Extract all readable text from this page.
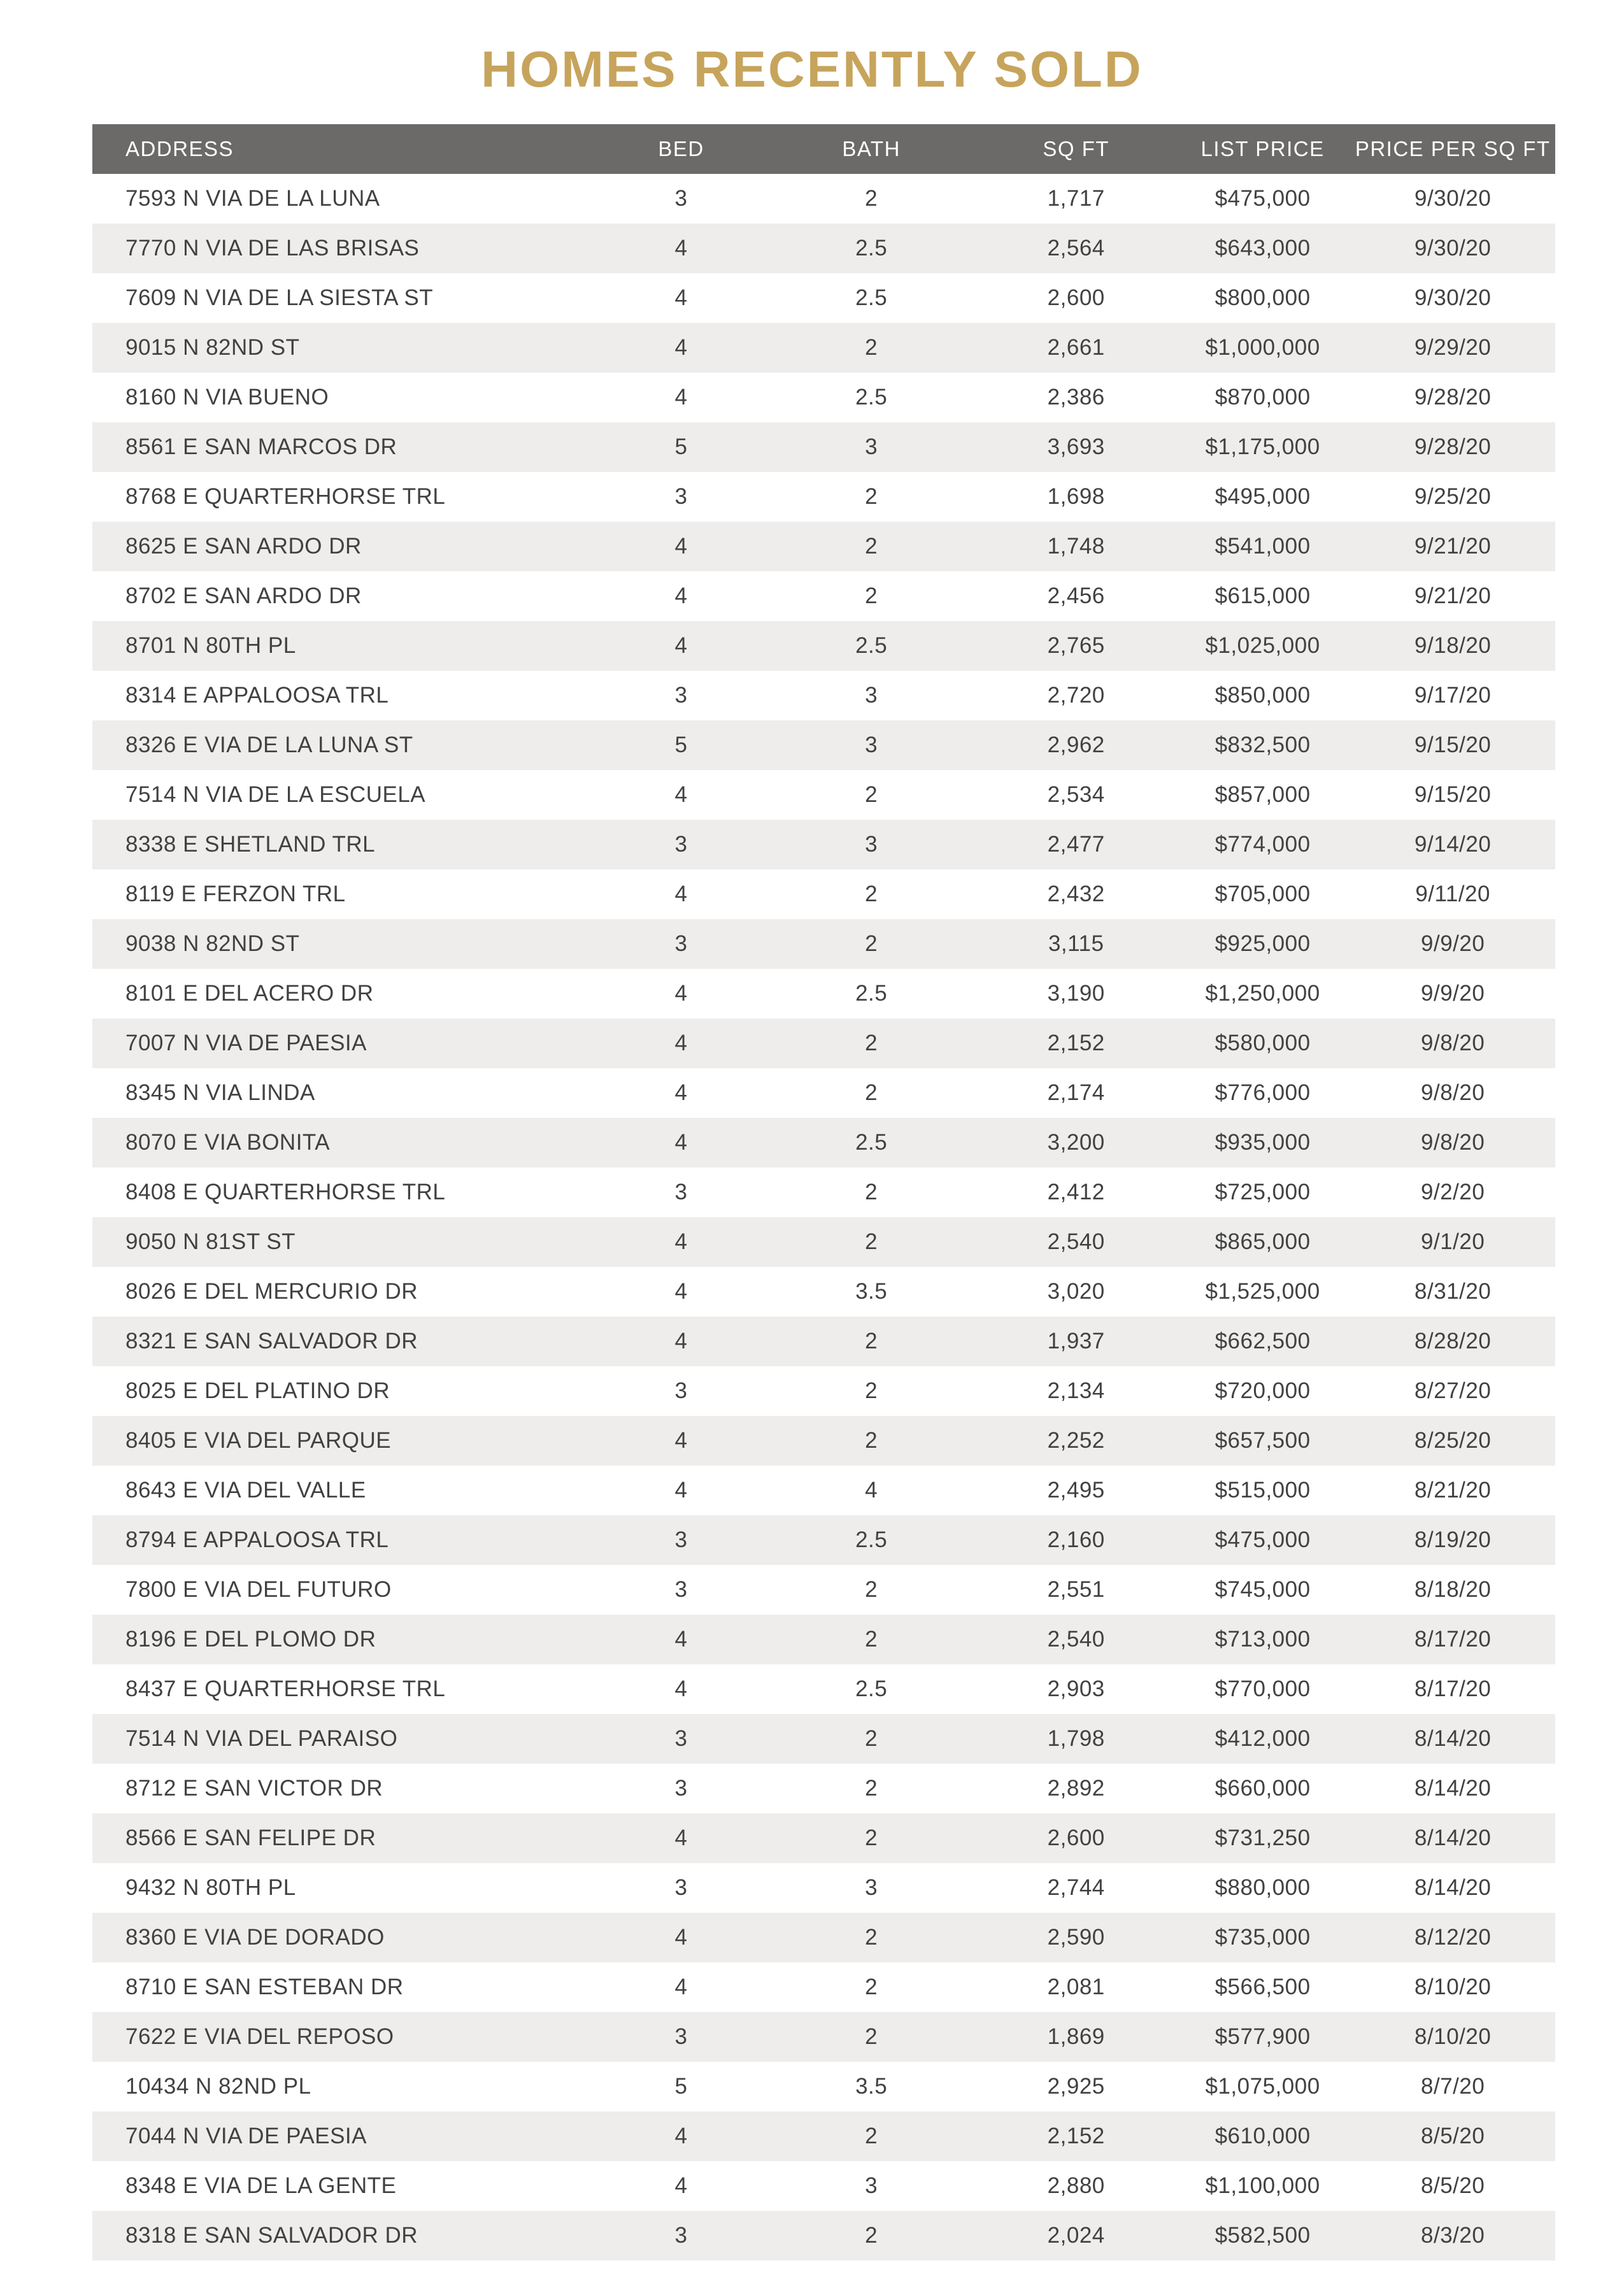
HOMES RECENTLY SOLD
ADDRESS	BED	BATH	SQ FT	LIST PRICE	PRICE PER SQ FT
7593 N VIA DE LA LUNA	3	2	1,717	$475,000	9/30/20
7770 N VIA DE LAS BRISAS	4	2.5	2,564	$643,000	9/30/20
7609 N VIA DE LA SIESTA ST	4	2.5	2,600	$800,000	9/30/20
9015 N 82ND ST	4	2	2,661	$1,000,000	9/29/20
8160 N VIA BUENO	4	2.5	2,386	$870,000	9/28/20
8561 E SAN MARCOS DR	5	3	3,693	$1,175,000	9/28/20
8768 E QUARTERHORSE TRL	3	2	1,698	$495,000	9/25/20
8625 E SAN ARDO DR	4	2	1,748	$541,000	9/21/20
8702 E SAN ARDO DR	4	2	2,456	$615,000	9/21/20
8701 N 80TH PL	4	2.5	2,765	$1,025,000	9/18/20
8314 E APPALOOSA TRL	3	3	2,720	$850,000	9/17/20
8326 E VIA DE LA LUNA ST	5	3	2,962	$832,500	9/15/20
7514 N VIA DE LA ESCUELA	4	2	2,534	$857,000	9/15/20
8338 E SHETLAND TRL	3	3	2,477	$774,000	9/14/20
8119 E FERZON TRL	4	2	2,432	$705,000	9/11/20
9038 N 82ND ST	3	2	3,115	$925,000	9/9/20
8101 E DEL ACERO DR	4	2.5	3,190	$1,250,000	9/9/20
7007 N VIA DE PAESIA	4	2	2,152	$580,000	9/8/20
8345 N VIA LINDA	4	2	2,174	$776,000	9/8/20
8070 E VIA BONITA	4	2.5	3,200	$935,000	9/8/20
8408 E QUARTERHORSE TRL	3	2	2,412	$725,000	9/2/20
9050 N 81ST ST	4	2	2,540	$865,000	9/1/20
8026 E DEL MERCURIO DR	4	3.5	3,020	$1,525,000	8/31/20
8321 E SAN SALVADOR DR	4	2	1,937	$662,500	8/28/20
8025 E DEL PLATINO DR	3	2	2,134	$720,000	8/27/20
8405 E VIA DEL PARQUE	4	2	2,252	$657,500	8/25/20
8643 E VIA DEL VALLE	4	4	2,495	$515,000	8/21/20
8794 E APPALOOSA TRL	3	2.5	2,160	$475,000	8/19/20
7800 E VIA DEL FUTURO	3	2	2,551	$745,000	8/18/20
8196 E DEL PLOMO DR	4	2	2,540	$713,000	8/17/20
8437 E QUARTERHORSE TRL	4	2.5	2,903	$770,000	8/17/20
7514 N VIA DEL PARAISO	3	2	1,798	$412,000	8/14/20
8712 E SAN VICTOR DR	3	2	2,892	$660,000	8/14/20
8566 E SAN FELIPE DR	4	2	2,600	$731,250	8/14/20
9432 N 80TH PL	3	3	2,744	$880,000	8/14/20
8360 E VIA DE DORADO	4	2	2,590	$735,000	8/12/20
8710 E SAN ESTEBAN DR	4	2	2,081	$566,500	8/10/20
7622 E VIA DEL REPOSO	3	2	1,869	$577,900	8/10/20
10434 N 82ND PL	5	3.5	2,925	$1,075,000	8/7/20
7044 N VIA DE PAESIA	4	2	2,152	$610,000	8/5/20
8348 E VIA DE LA GENTE	4	3	2,880	$1,100,000	8/5/20
8318 E SAN SALVADOR DR	3	2	2,024	$582,500	8/3/20
